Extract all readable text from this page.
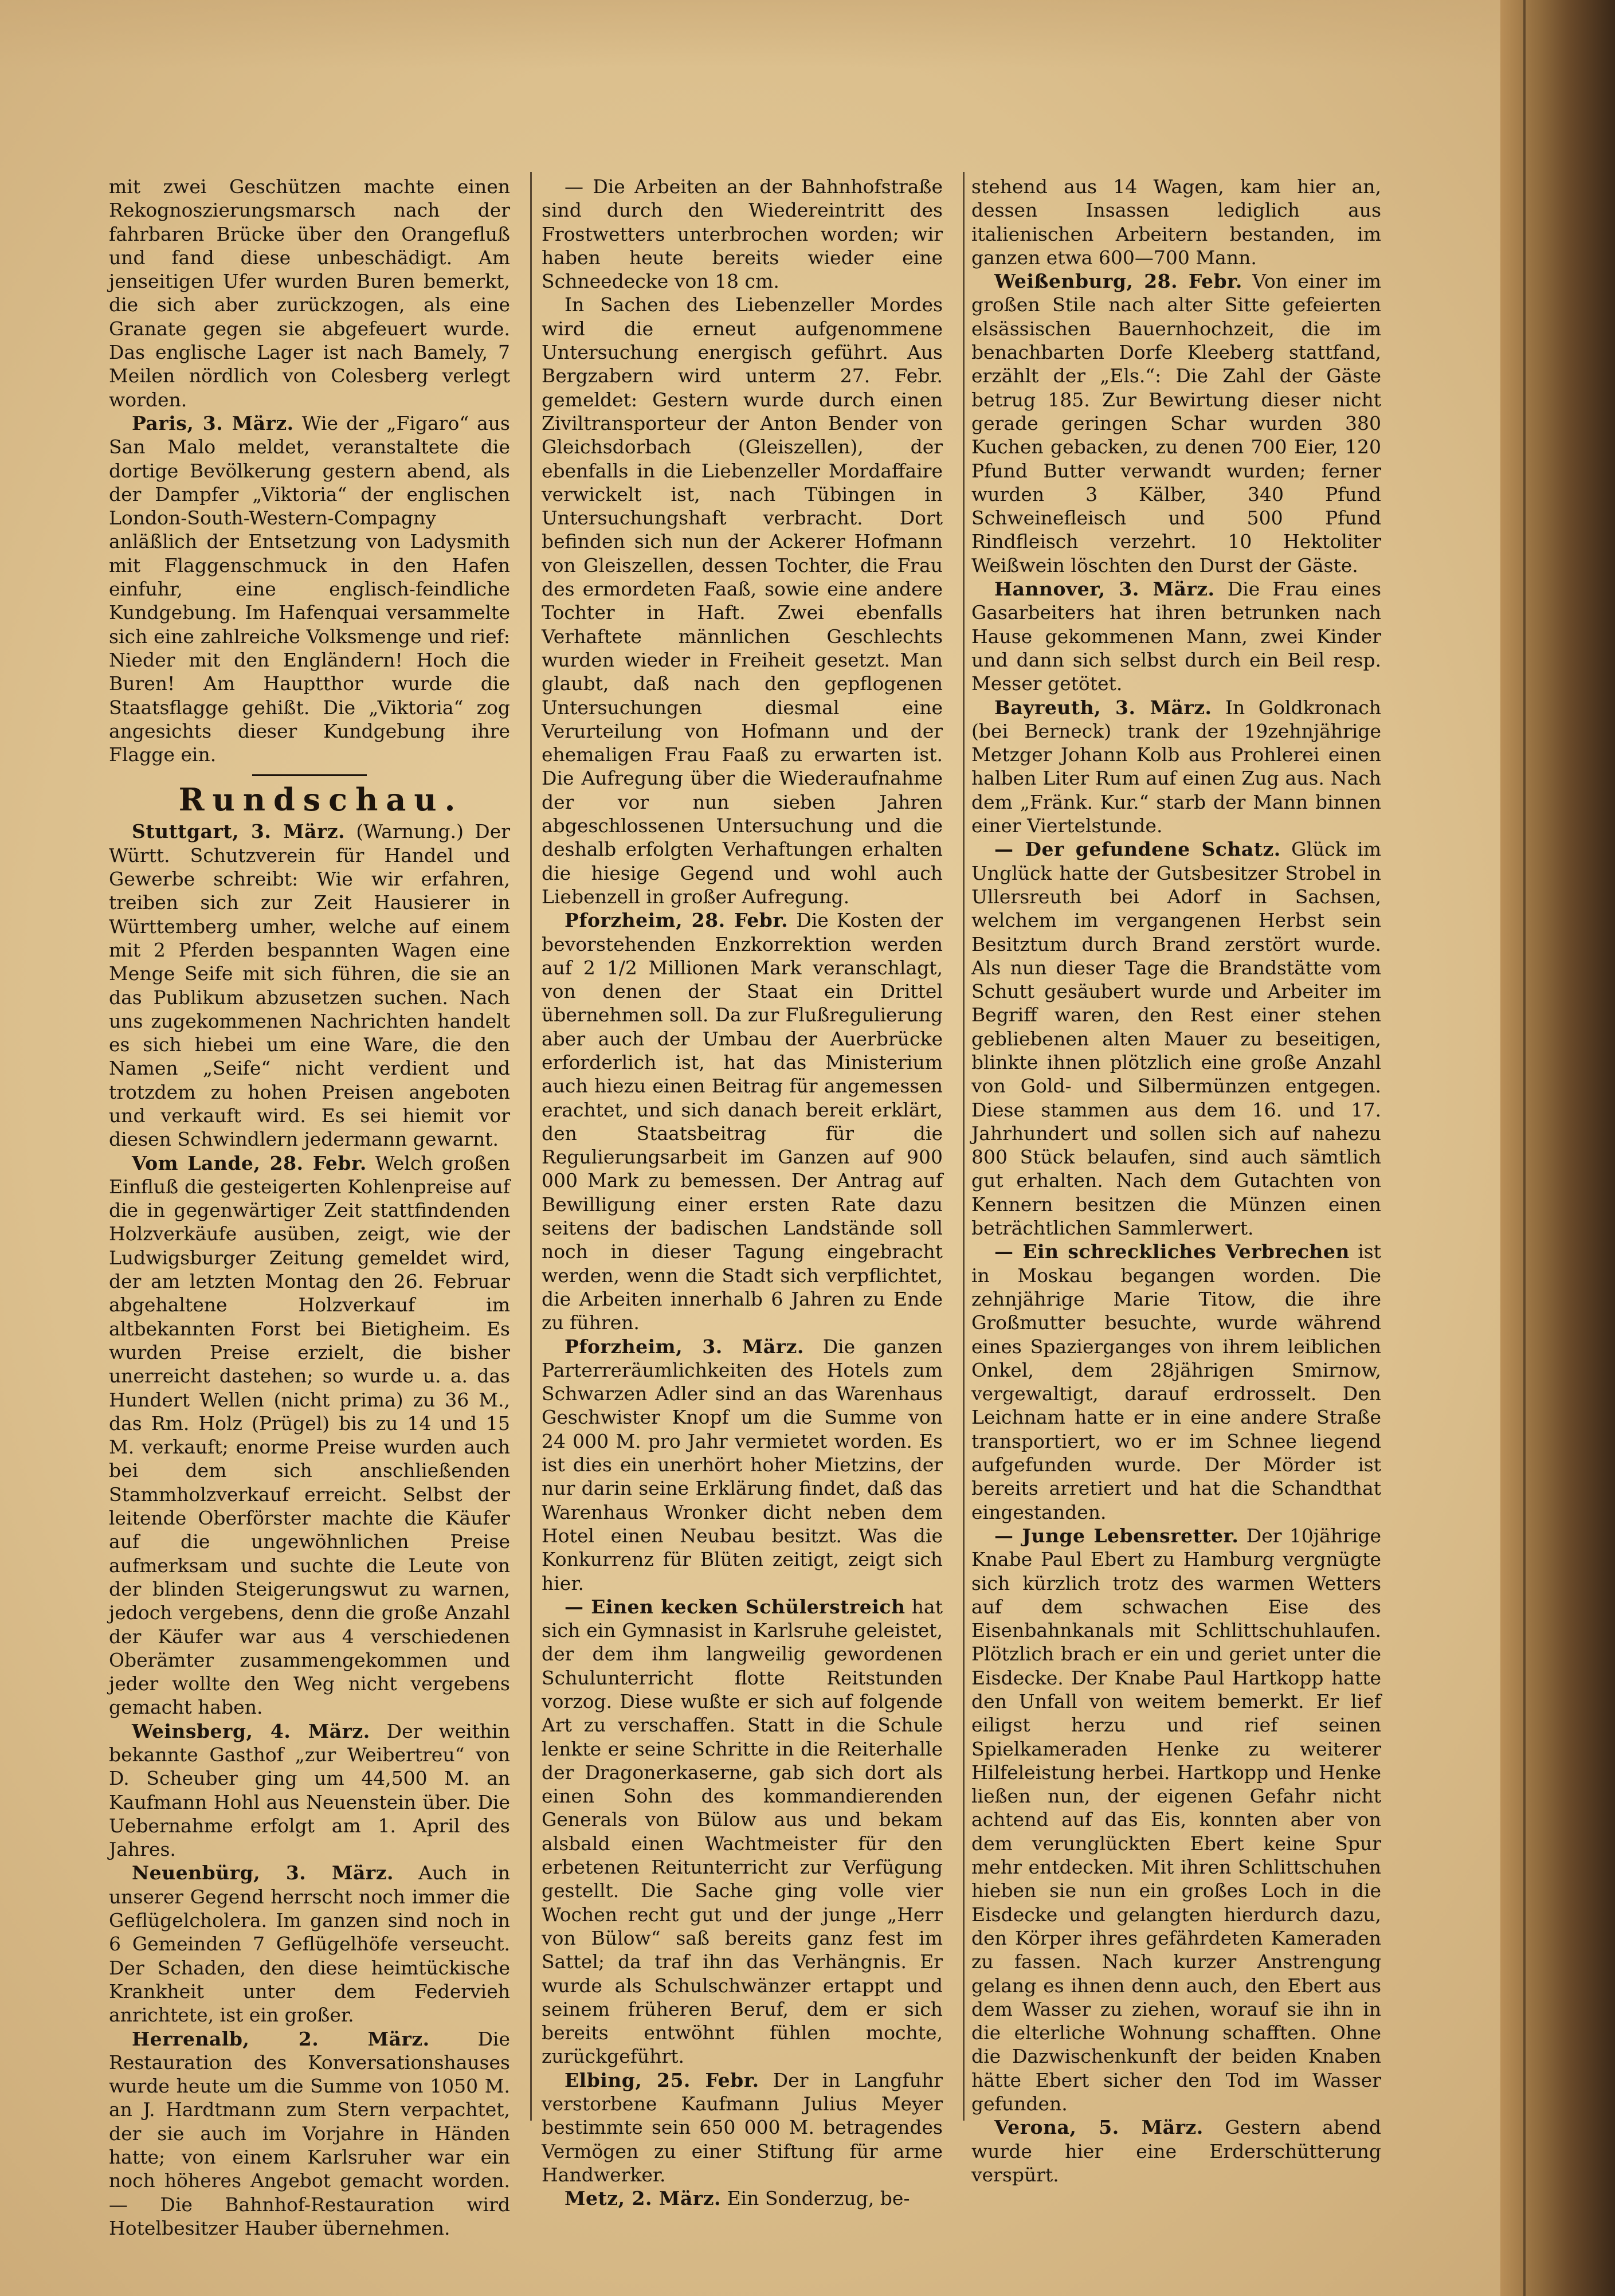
mit zwei Geschützen machte einen Rekognoszierungsmarsch nach der fahrbaren Brücke über den Orangefluß und fand diese unbeschädigt. Am jenseitigen Ufer wurden Buren bemerkt, die sich aber zurückzogen, als eine Granate gegen sie abgefeuert wurde. Das englische Lager ist nach Bamely, 7 Meilen nördlich von Colesberg verlegt worden.

Paris, 3. März. Wie der „Figaro“ aus San Malo meldet, veranstaltete die dortige Bevölkerung gestern abend, als der Dampfer „Viktoria“ der englischen London-South-Western-Compagny anläßlich der Entsetzung von Ladysmith mit Flaggenschmuck in den Hafen einfuhr, eine englisch-feindliche Kundgebung. Im Hafenquai versammelte sich eine zahlreiche Volksmenge und rief: Nieder mit den Engländern! Hoch die Buren! Am Hauptthor wurde die Staatsflagge gehißt. Die „Viktoria“ zog angesichts dieser Kundgebung ihre Flagge ein.

Rundschau.

Stuttgart, 3. März. (Warnung.) Der Württ. Schutzverein für Handel und Gewerbe schreibt: Wie wir erfahren, treiben sich zur Zeit Hausierer in Württemberg umher, welche auf einem mit 2 Pferden bespannten Wagen eine Menge Seife mit sich führen, die sie an das Publikum abzusetzen suchen. Nach uns zugekommenen Nachrichten handelt es sich hiebei um eine Ware, die den Namen „Seife“ nicht verdient und trotzdem zu hohen Preisen angeboten und verkauft wird. Es sei hiemit vor diesen Schwindlern jedermann gewarnt.

Vom Lande, 28. Febr. Welch großen Einfluß die gesteigerten Kohlenpreise auf die in gegenwärtiger Zeit stattfindenden Holzverkäufe ausüben, zeigt, wie der Ludwigsburger Zeitung gemeldet wird, der am letzten Montag den 26. Februar abgehaltene Holzverkauf im altbekannten Forst bei Bietigheim. Es wurden Preise erzielt, die bisher unerreicht dastehen; so wurde u. a. das Hundert Wellen (nicht prima) zu 36 M., das Rm. Holz (Prügel) bis zu 14 und 15 M. verkauft; enorme Preise wurden auch bei dem sich anschließenden Stammholzverkauf erreicht. Selbst der leitende Oberförster machte die Käufer auf die ungewöhnlichen Preise aufmerksam und suchte die Leute von der blinden Steigerungswut zu warnen, jedoch vergebens, denn die große Anzahl der Käufer war aus 4 verschiedenen Oberämter zusammengekommen und jeder wollte den Weg nicht vergebens gemacht haben.

Weinsberg, 4. März. Der weithin bekannte Gasthof „zur Weibertreu“ von D. Scheuber ging um 44,500 M. an Kaufmann Hohl aus Neuenstein über. Die Uebernahme erfolgt am 1. April des Jahres.

Neuenbürg, 3. März. Auch in unserer Gegend herrscht noch immer die Geflügelcholera. Im ganzen sind noch in 6 Gemeinden 7 Geflügelhöfe verseucht. Der Schaden, den diese heimtückische Krankheit unter dem Federvieh anrichtete, ist ein großer.

Herrenalb, 2. März.	Die Restauration des Konversationshauses wurde heute um die Summe von 1050 M. an J. Hardtmann zum Stern verpachtet, der sie auch im Vorjahre in Händen hatte; von einem Karlsruher war ein noch höheres Angebot gemacht worden. — Die Bahnhof-Restauration wird Hotelbesitzer Hauber übernehmen.

— Die Arbeiten an der Bahnhofstraße sind durch den Wiedereintritt des Frostwetters unterbrochen worden; wir haben heute bereits wieder eine Schneedecke von 18 cm.

In Sachen des Liebenzeller Mordes wird die erneut aufgenommene Untersuchung energisch geführt. Aus Bergzabern wird unterm 27. Febr. gemeldet: Gestern wurde durch einen Ziviltransporteur der Anton Bender von Gleichsdorbach (Gleiszellen), der ebenfalls in die Liebenzeller Mordaffaire verwickelt ist, nach Tübingen in Untersuchungshaft verbracht. Dort befinden sich nun der Ackerer Hofmann von Gleiszellen, dessen Tochter, die Frau des ermordeten Faaß, sowie eine andere Tochter in Haft. Zwei ebenfalls Verhaftete männlichen Geschlechts wurden wieder in Freiheit gesetzt. Man glaubt, daß nach den gepflogenen Untersuchungen diesmal eine Verurteilung von Hofmann und der ehemaligen Frau Faaß zu erwarten ist. Die Aufregung über die Wiederaufnahme der vor nun sieben Jahren abgeschlossenen Untersuchung und die deshalb erfolgten Verhaftungen erhalten die hiesige Gegend und wohl auch Liebenzell in großer Aufregung.

Pforzheim, 28. Febr. Die Kosten der bevorstehenden Enzkorrektion werden auf 2 1/2 Millionen Mark veranschlagt, von denen der Staat ein Drittel übernehmen soll. Da zur Flußregulierung aber auch der Umbau der Auerbrücke erforderlich ist, hat das Ministerium auch hiezu einen Beitrag für angemessen erachtet, und sich danach bereit erklärt, den Staatsbeitrag für die Regulierungsarbeit im Ganzen auf 900 000 Mark zu bemessen. Der Antrag auf Bewilligung einer ersten Rate dazu seitens der badischen Landstände soll noch in dieser Tagung eingebracht werden, wenn die Stadt sich verpflichtet, die Arbeiten innerhalb 6 Jahren zu Ende zu führen.

Pforzheim, 3. März. Die ganzen Parterreräumlichkeiten des Hotels zum Schwarzen Adler sind an das Warenhaus Geschwister Knopf um die Summe von 24 000 M. pro Jahr vermietet worden. Es ist dies ein unerhört hoher Mietzins, der nur darin seine Erklärung findet, daß das Warenhaus Wronker dicht neben dem Hotel einen Neubau besitzt. Was die Konkurrenz für Blüten zeitigt, zeigt sich hier.

— Einen kecken Schülerstreich hat sich ein Gymnasist in Karlsruhe geleistet, der dem ihm langweilig gewordenen Schulunterricht flotte Reitstunden vorzog. Diese wußte er sich auf folgende Art zu verschaffen. Statt in die Schule lenkte er seine Schritte in die Reiterhalle der Dragonerkaserne, gab sich dort als einen Sohn des kommandierenden Generals von Bülow aus und bekam alsbald einen Wachtmeister für den erbetenen Reitunterricht zur Verfügung gestellt. Die Sache ging volle vier Wochen recht gut und der junge „Herr von Bülow“ saß bereits ganz fest im Sattel; da traf ihn das Verhängnis. Er wurde als Schulschwänzer ertappt und seinem früheren Beruf, dem er sich bereits entwöhnt fühlen mochte, zurückgeführt.

Elbing, 25. Febr. Der in Langfuhr verstorbene Kaufmann Julius Meyer bestimmte sein 650 000 M. betragendes Vermögen zu einer Stiftung für arme Handwerker.

Metz, 2. März. Ein Sonderzug, be-

stehend aus 14 Wagen, kam hier an, dessen Insassen lediglich aus italienischen Arbeitern bestanden, im ganzen etwa 600—700 Mann.

Weißenburg, 28. Febr. Von einer im großen Stile nach alter Sitte gefeierten elsässischen Bauernhochzeit, die im benachbarten Dorfe Kleeberg stattfand, erzählt der „Els.“: Die Zahl der Gäste betrug 185. Zur Bewirtung dieser nicht gerade geringen Schar wurden 380 Kuchen gebacken, zu denen 700 Eier, 120 Pfund Butter verwandt wurden; ferner wurden 3 Kälber, 340 Pfund Schweinefleisch und 500 Pfund Rindfleisch verzehrt. 10 Hektoliter Weißwein löschten den Durst der Gäste.

Hannover, 3. März. Die Frau eines Gasarbeiters hat ihren betrunken nach Hause gekommenen Mann, zwei Kinder und dann sich selbst durch ein Beil resp. Messer getötet.

Bayreuth, 3. März. In Goldkronach (bei Berneck) trank der 19zehnjährige Metzger Johann Kolb aus Prohlerei einen halben Liter Rum auf einen Zug aus. Nach dem „Fränk. Kur.“ starb der Mann binnen einer Viertelstunde.

— Der gefundene Schatz. Glück im Unglück hatte der Gutsbesitzer Strobel in Ullersreuth bei Adorf in Sachsen, welchem im vergangenen Herbst sein Besitztum durch Brand zerstört wurde. Als nun dieser Tage die Brandstätte vom Schutt gesäubert wurde und Arbeiter im Begriff waren, den Rest einer stehen gebliebenen alten Mauer zu beseitigen, blinkte ihnen plötzlich eine große Anzahl von Gold- und Silbermünzen entgegen. Diese stammen aus dem 16. und 17. Jahrhundert und sollen sich auf nahezu 800 Stück belaufen, sind auch sämtlich gut erhalten. Nach dem Gutachten von Kennern besitzen die Münzen einen beträchtlichen Sammlerwert.

— Ein schreckliches Verbrechen ist in Moskau begangen worden. Die zehnjährige Marie Titow, die ihre Großmutter besuchte, wurde während eines Spazierganges von ihrem leiblichen Onkel, dem 28jährigen Smirnow, vergewaltigt, darauf erdrosselt. Den Leichnam hatte er in eine andere Straße transportiert, wo er im Schnee liegend aufgefunden wurde. Der Mörder ist bereits arretiert und hat die Schandthat eingestanden.

— Junge Lebensretter. Der 10jährige Knabe Paul Ebert zu Hamburg vergnügte sich kürzlich trotz des warmen Wetters auf dem schwachen Eise des Eisenbahnkanals mit Schlittschuhlaufen. Plötzlich brach er ein und geriet unter die Eisdecke. Der Knabe Paul Hartkopp hatte den Unfall von weitem bemerkt. Er lief eiligst herzu und rief seinen Spielkameraden Henke zu weiterer Hilfeleistung herbei. Hartkopp und Henke ließen nun, der eigenen Gefahr nicht achtend auf das Eis, konnten aber von dem verunglückten Ebert keine Spur mehr entdecken. Mit ihren Schlittschuhen hieben sie nun ein großes Loch in die Eisdecke und gelangten hierdurch dazu, den Körper ihres gefährdeten Kameraden zu fassen. Nach kurzer Anstrengung gelang es ihnen denn auch, den Ebert aus dem Wasser zu ziehen, worauf sie ihn in die elterliche Wohnung schafften. Ohne die Dazwischenkunft der beiden Knaben hätte Ebert sicher den Tod im Wasser gefunden.

Verona, 5. März. Gestern abend wurde hier eine Erderschütterung verspürt.
